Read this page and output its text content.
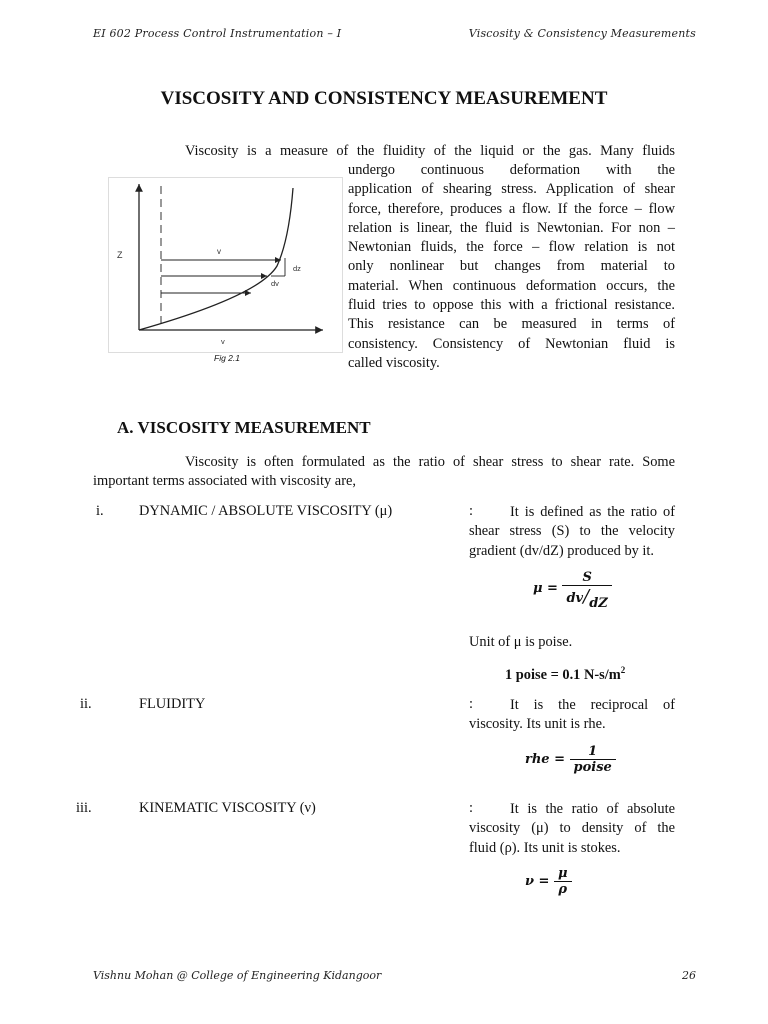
EI 602 Process Control Instrumentation – I	Viscosity & Consistency Measurements
VISCOSITY AND CONSISTENCY MEASUREMENT
Viscosity is a measure of the fluidity of the liquid or the gas. Many fluids
undergo continuous deformation with the
application of shearing stress. Application of shear
force, therefore, produces a flow. If the force – flow
relation is linear, the fluid is Newtonian. For non –
Newtonian fluids, the force – flow relation is not
only nonlinear but changes from material to
material. When continuous deformation occurs, the
fluid tries to oppose this with a frictional resistance.
This resistance can be measured in terms of
consistency. Consistency of Newtonian fluid is
called viscosity.
Z	v
dz
dv
v
Fig 2.1
A. VISCOSITY MEASUREMENT
Viscosity is often formulated as the ratio of shear stress to shear rate. Some important terms associated with viscosity are,
i. DYNAMIC / ABSOLUTE VISCOSITY (μ)	:	It is defined as the ratio of
shear stress (S) to the velocity
gradient (dv/dZ) produced by it.
$\mu = \frac{S}{dv/dZ}$
Unit of μ is poise.
1 poise = 0.1 $N-s/m^2$
ii.	FLUIDITY	:	It is the reciprocal of
viscosity. Its unit is rhe.
rhe = $\frac{1}{\text{poise}}$
iii.	KINEMATIC VISCOSITY (ν)	:	It is the ratio of absolute
viscosity (μ) to density of the
fluid (ρ). Its unit is stokes.
$\nu = \frac{\mu}{\rho}$
Vishnu Mohan @ College of Engineering Kidangoor	26
